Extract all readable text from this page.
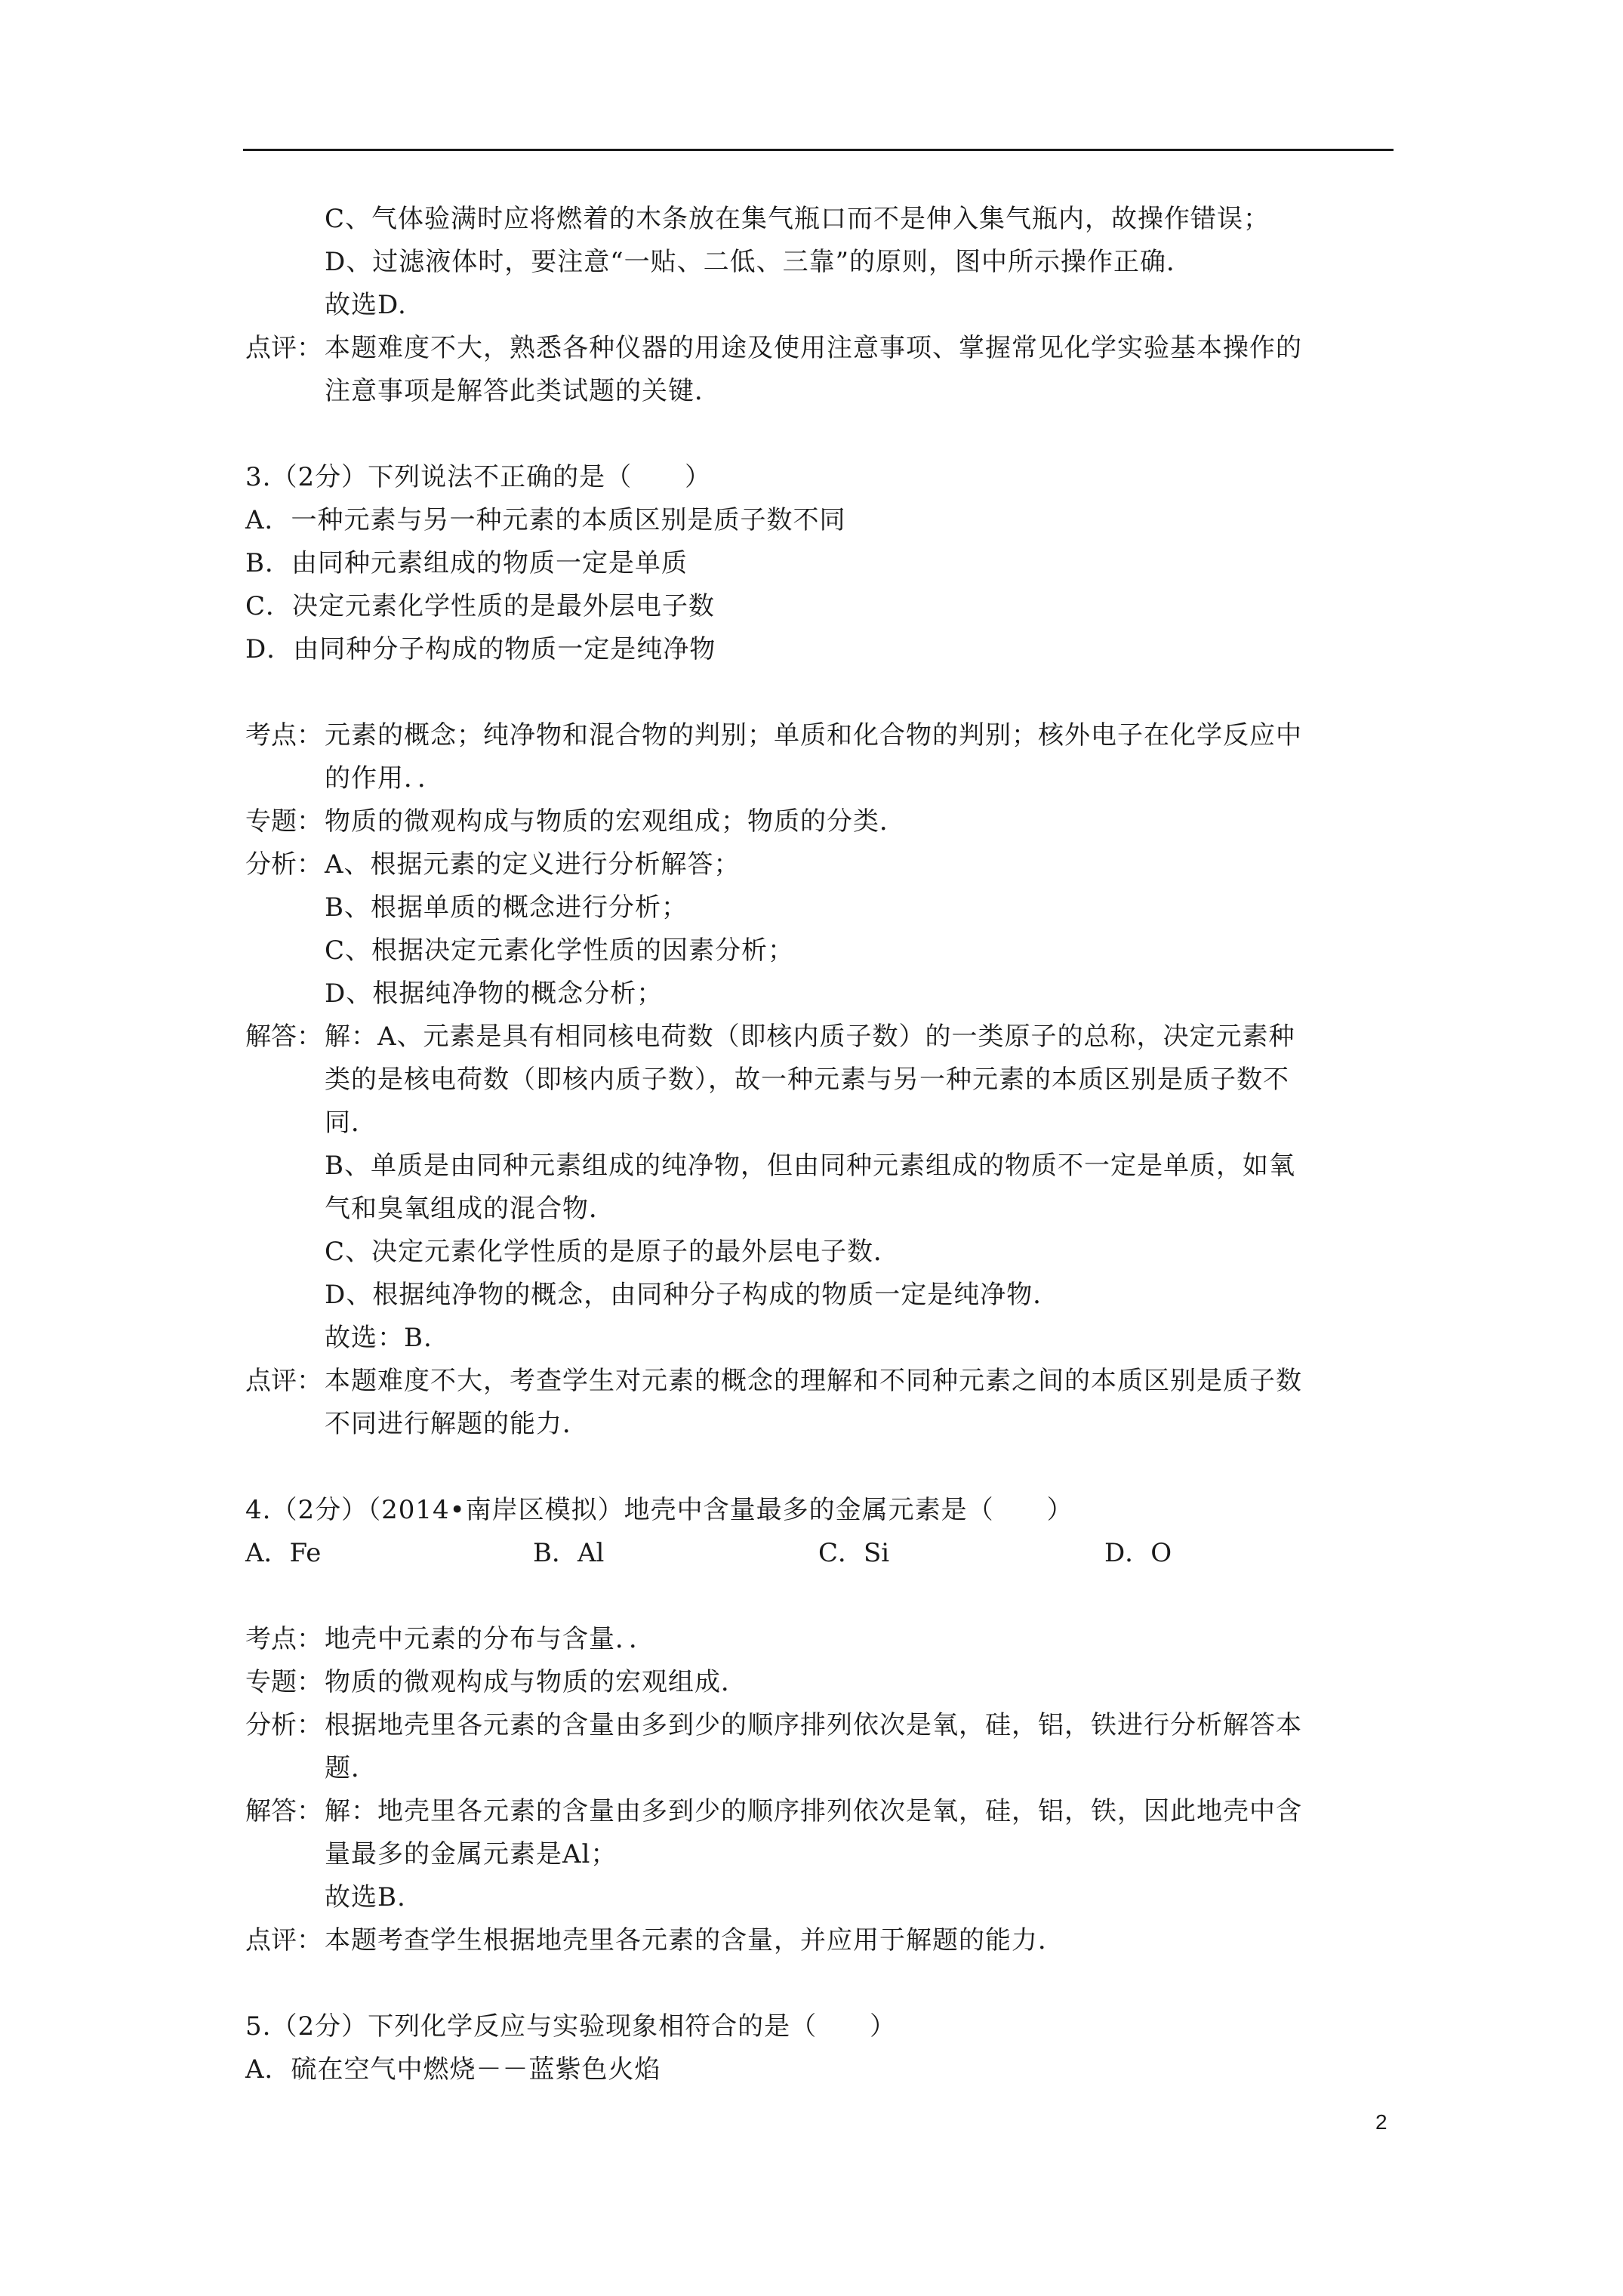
C、气体验满时应将燃着的木条放在集气瓶口而不是伸入集气瓶内，故操作错误；
D、过滤液体时，要注意“一贴、二低、三靠”的原则，图中所示操作正确．
故选D.
点评： 本题难度不大，熟悉各种仪器的用途及使用注意事项、掌握常见化学实验基本操作的
注意事项是解答此类试题的关键．
3.（2分）下列说法不正确的是（　　）
A．一种元素与另一种元素的本质区别是质子数不同
B．由同种元素组成的物质一定是单质
C．决定元素化学性质的是最外层电子数
D．由同种分子构成的物质一定是纯净物
考点： 元素的概念；纯净物和混合物的判别；单质和化合物的判别；核外电子在化学反应中
的作用．．
专题： 物质的微观构成与物质的宏观组成；物质的分类．
分析： A、根据元素的定义进行分析解答；
B、根据单质的概念进行分析；
C、根据决定元素化学性质的因素分析；
D、根据纯净物的概念分析；
解答： 解：A、元素是具有相同核电荷数（即核内质子数）的一类原子的总称，决定元素种
类的是核电荷数（即核内质子数），故一种元素与另一种元素的本质区别是质子数不
同．
B、单质是由同种元素组成的纯净物，但由同种元素组成的物质不一定是单质，如氧
气和臭氧组成的混合物．
C、决定元素化学性质的是原子的最外层电子数．
D、根据纯净物的概念，由同种分子构成的物质一定是纯净物．
故选：B.
点评： 本题难度不大，考查学生对元素的概念的理解和不同种元素之间的本质区别是质子数
不同进行解题的能力．
4.（2分）（2014•南岸区模拟）地壳中含量最多的金属元素是（　　）
A．Fe	B．Al	C．Si	D．O
考点： 地壳中元素的分布与含量．．
专题： 物质的微观构成与物质的宏观组成．
分析： 根据地壳里各元素的含量由多到少的顺序排列依次是氧，硅，铝，铁进行分析解答本
题．
解答： 解：地壳里各元素的含量由多到少的顺序排列依次是氧，硅，铝，铁，因此地壳中含
量最多的金属元素是Al；
故选B.
点评： 本题考查学生根据地壳里各元素的含量，并应用于解题的能力．
5.（2分）下列化学反应与实验现象相符合的是（　　）
A．硫在空气中燃烧－－蓝紫色火焰
2
